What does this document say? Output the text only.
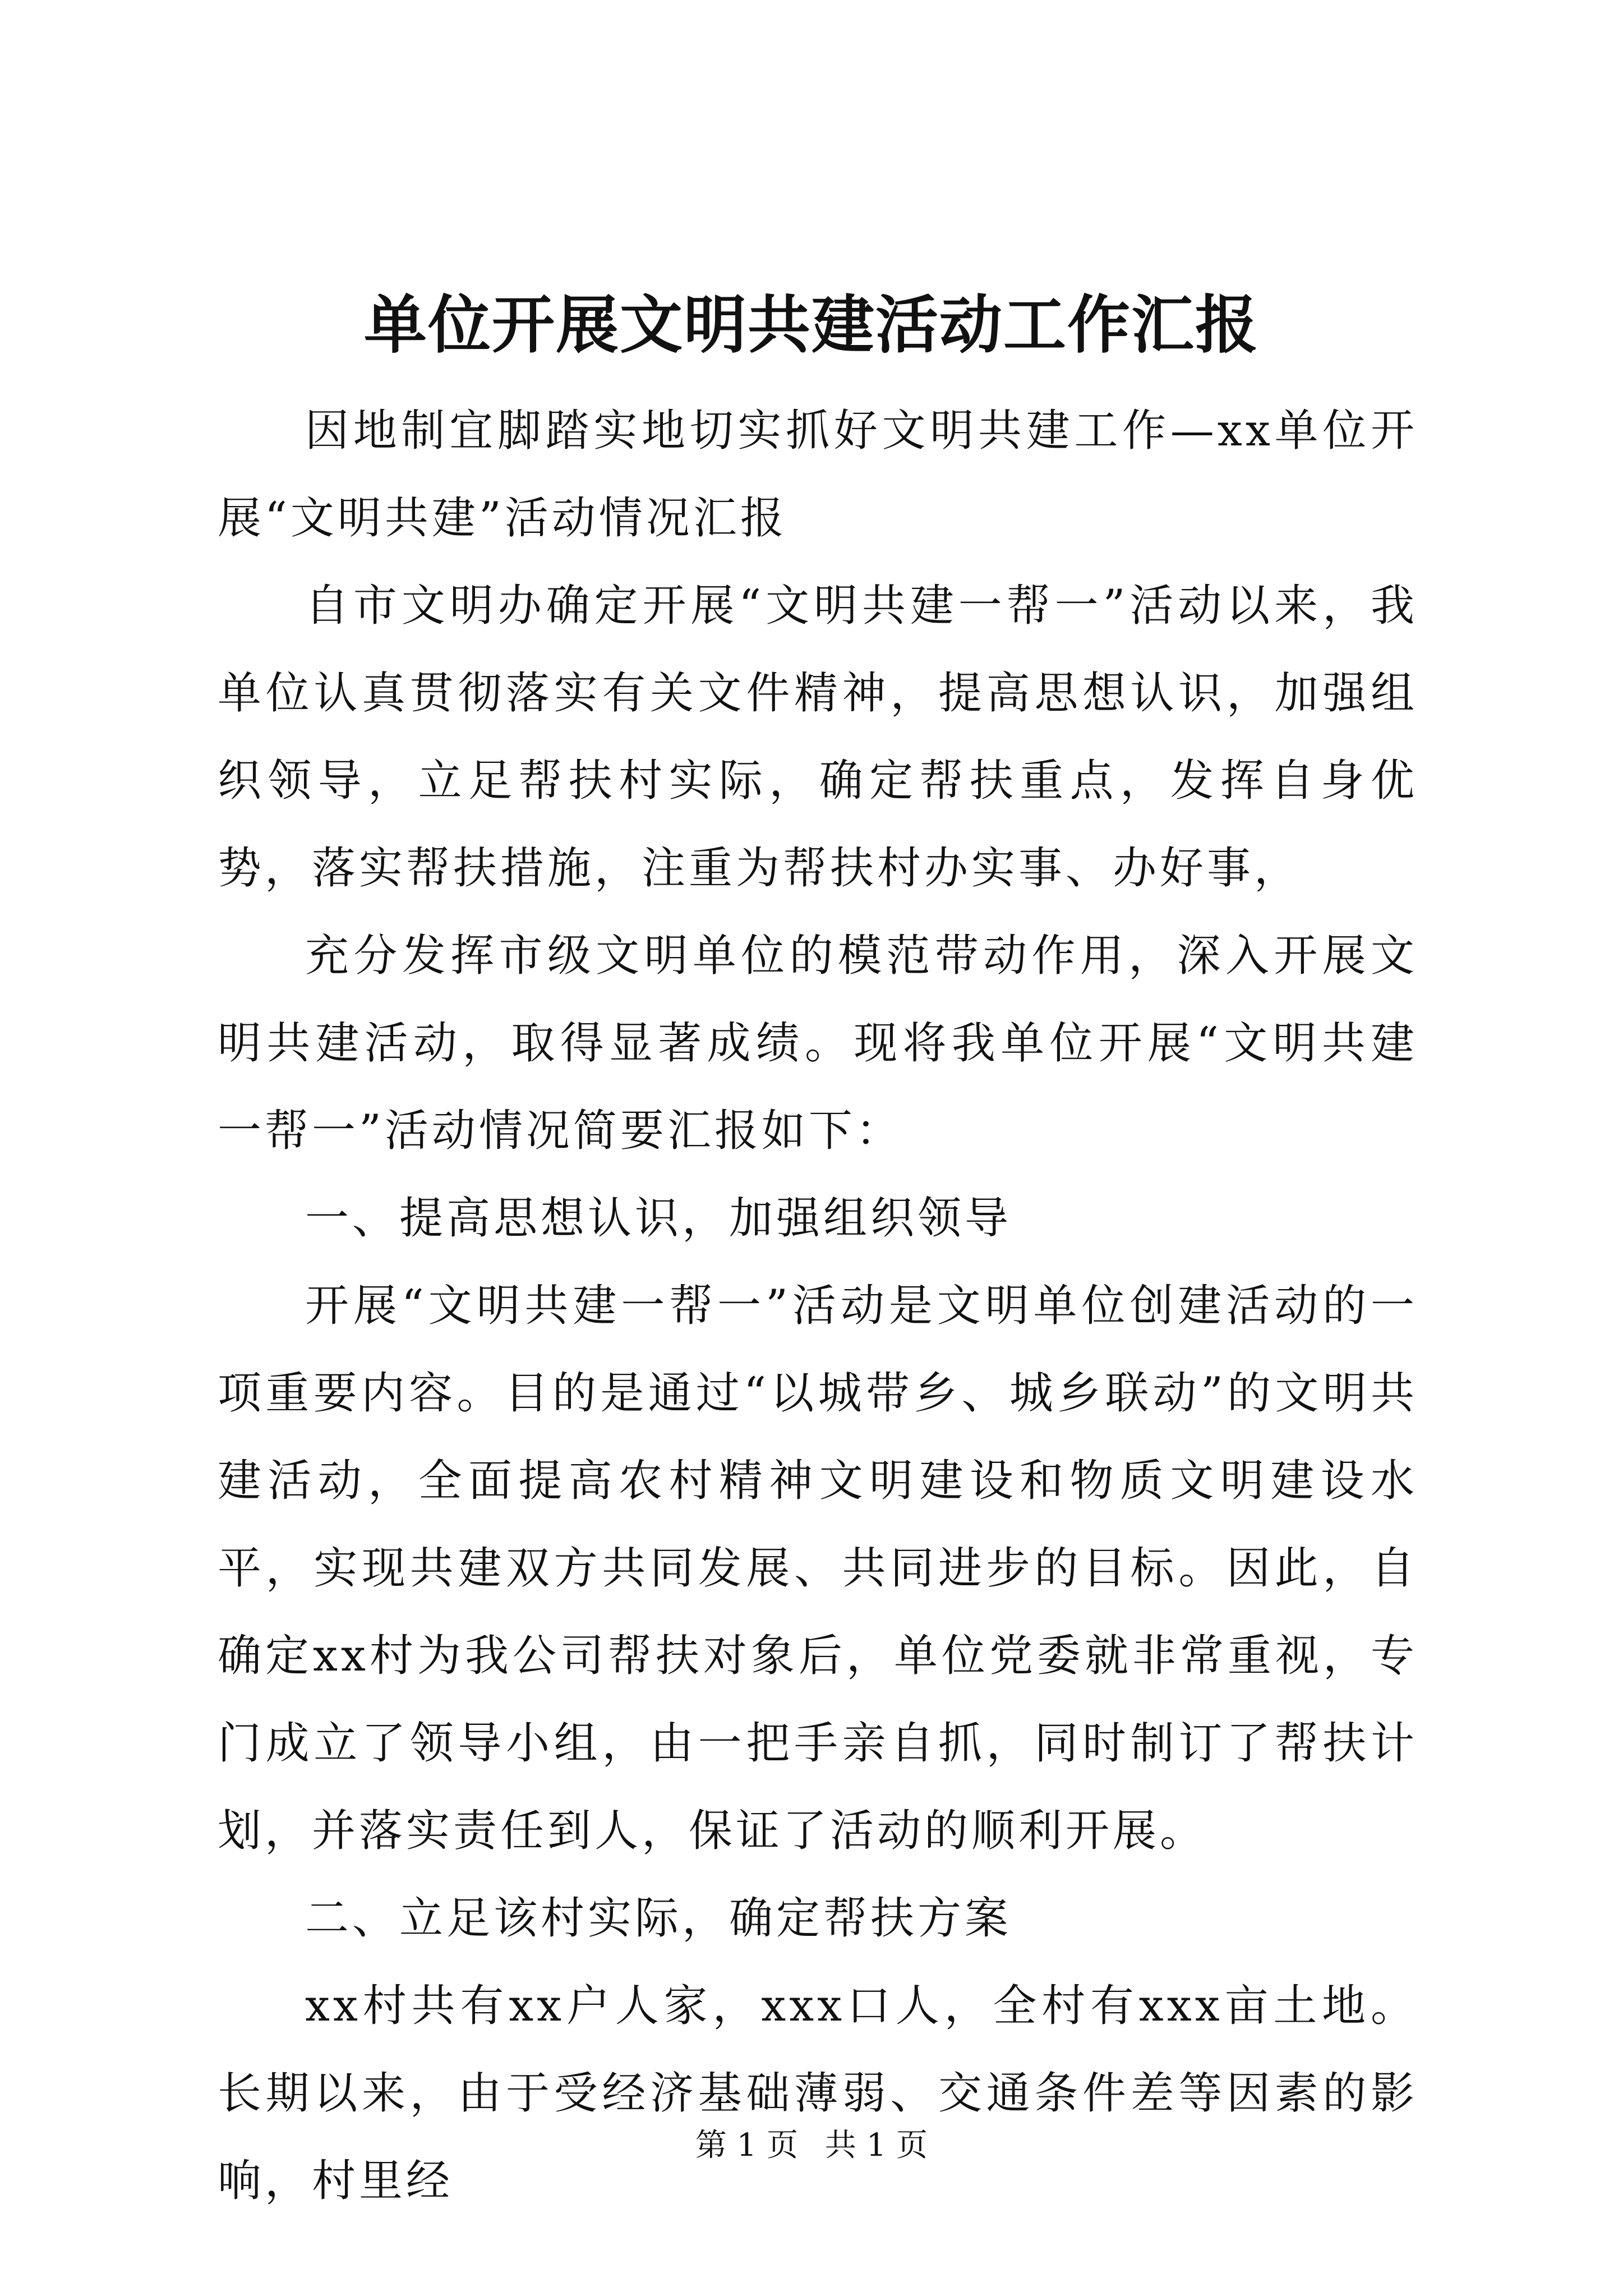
单位开展文明共建活动工作汇报

因地制宜脚踏实地切实抓好文明共建工作—xx单位开展“文明共建”活动情况汇报

自市文明办确定开展“文明共建一帮一”活动以来，我单位认真贯彻落实有关文件精神，提高思想认识，加强组织领导，立足帮扶村实际，确定帮扶重点，发挥自身优势，落实帮扶措施，注重为帮扶村办实事、办好事，

充分发挥市级文明单位的模范带动作用，深入开展文明共建活动，取得显著成绩。现将我单位开展“文明共建一帮一”活动情况简要汇报如下：

一、提高思想认识，加强组织领导

开展“文明共建一帮一”活动是文明单位创建活动的一项重要内容。目的是通过“以城带乡、城乡联动”的文明共建活动，全面提高农村精神文明建设和物质文明建设水平，实现共建双方共同发展、共同进步的目标。因此，自确定xx村为我公司帮扶对象后，单位党委就非常重视，专门成立了领导小组，由一把手亲自抓，同时制订了帮扶计划，并落实责任到人，保证了活动的顺利开展。

二、立足该村实际，确定帮扶方案

xx村共有xx户人家，xxx口人，全村有xxx亩土地。长期以来，由于受经济基础薄弱、交通条件差等因素的影响，村里经

第 1 页 共 1 页
